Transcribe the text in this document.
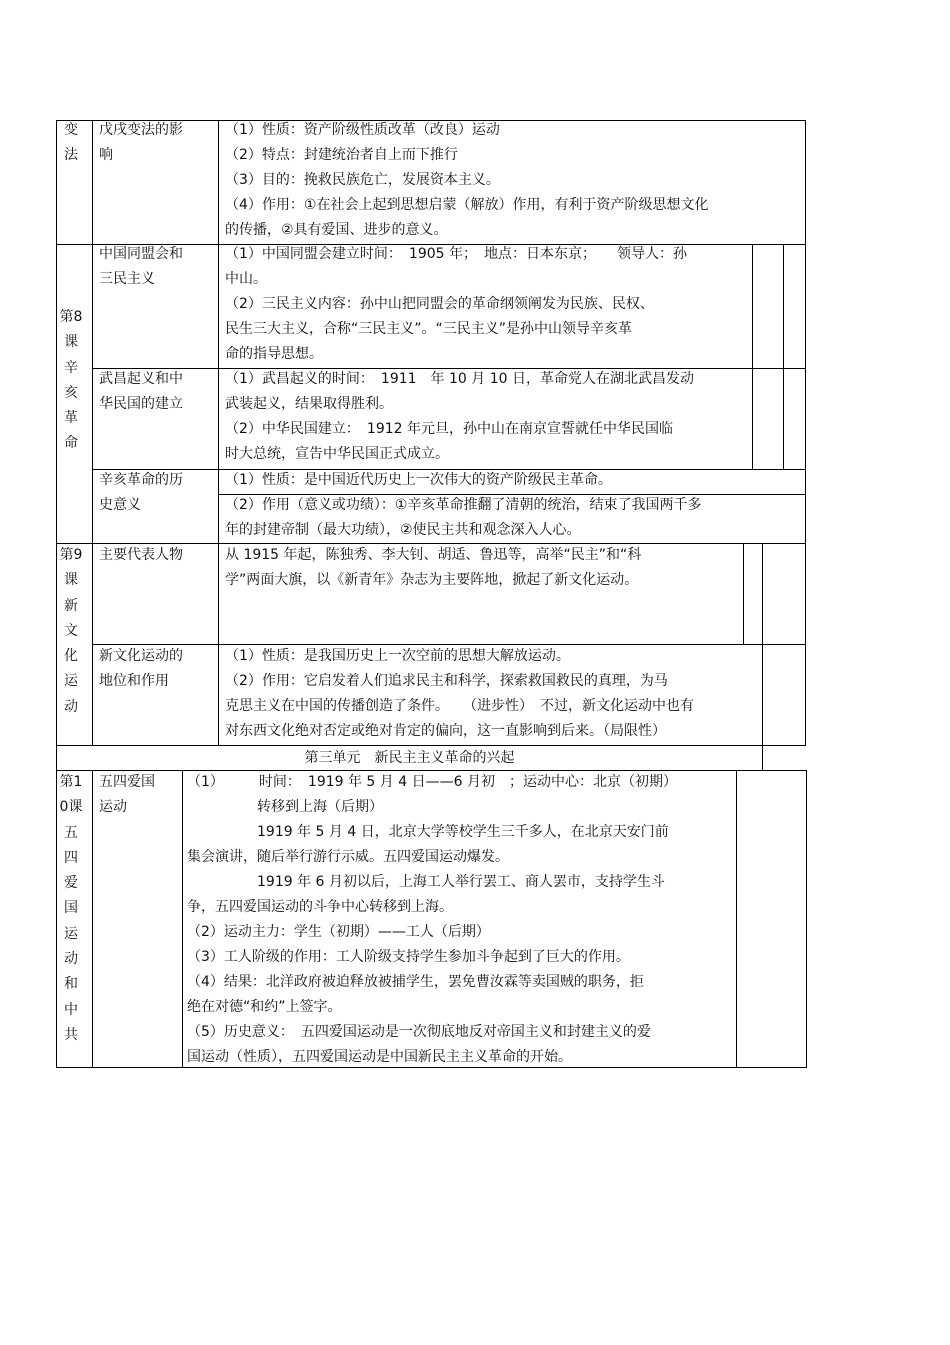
变法
戊戌变法的影
响
（1）性质：资产阶级性质改革（改良）运动
（2）特点：封建统治者自上而下推行
（3）目的：挽救民族危亡，发展资本主义。
（4）作用：①在社会上起到思想启蒙（解放）作用，有利于资产阶级思想文化
的传播，②具有爱国、进步的意义。
第8课辛亥革命
中国同盟会和
三民主义
（1）中国同盟会建立时间：　1905 年；　地点：日本东京；　　领导人：孙
中山。
（2）三民主义内容：孙中山把同盟会的革命纲领阐发为民族、民权、
民生三大主义，合称“三民主义”。“三民主义”是孙中山领导辛亥革
命的指导思想。
武昌起义和中
华民国的建立
（1）武昌起义的时间：　1911　年 10 月 10 日，革命党人在湖北武昌发动
武装起义，结果取得胜利。
（2）中华民国建立：　1912 年元旦，孙中山在南京宣誓就任中华民国临
时大总统，宣告中华民国正式成立。
辛亥革命的历
史意义
（1）性质：是中国近代历史上一次伟大的资产阶级民主革命。
（2）作用（意义或功绩）：①辛亥革命推翻了清朝的统治，结束了我国两千多
年的封建帝制（最大功绩），②使民主共和观念深入人心。
第9课新文化运动
主要代表人物	从 1915 年起，陈独秀、李大钊、胡适、鲁迅等，高举“民主”和“科
学”两面大旗，以《新青年》杂志为主要阵地，掀起了新文化运动。
新文化运动的
地位和作用
（1）性质：是我国历史上一次空前的思想大解放运动。
（2）作用：它启发着人们追求民主和科学，探索救国救民的真理，为马
克思主义在中国的传播创造了条件。　　（进步性）　不过，新文化运动中也有
对东西文化绝对否定或绝对肯定的偏向，这一直影响到后来。（局限性）
第三单元　新民主主义革命的兴起
第10课五四爱国运动和中共
五四爱国
运动
（1）　　　时间：　1919 年 5 月 4 日——6 月初　；运动中心：北京（初期）
　　　　　转移到上海（后期）
　　　　　1919 年 5 月 4 日，北京大学等校学生三千多人，在北京天安门前
集会演讲，随后举行游行示威。五四爱国运动爆发。
　　　　　1919 年 6 月初以后，上海工人举行罢工、商人罢市，支持学生斗
争，五四爱国运动的斗争中心转移到上海。
（2）运动主力：学生（初期）——工人（后期）
（3）工人阶级的作用：工人阶级支持学生参加斗争起到了巨大的作用。
（4）结果：北洋政府被迫释放被捕学生，罢免曹汝霖等卖国贼的职务，拒
绝在对德“和约”上签字。
（5）历史意义：　五四爱国运动是一次彻底地反对帝国主义和封建主义的爱
国运动（性质），五四爱国运动是中国新民主主义革命的开始。
